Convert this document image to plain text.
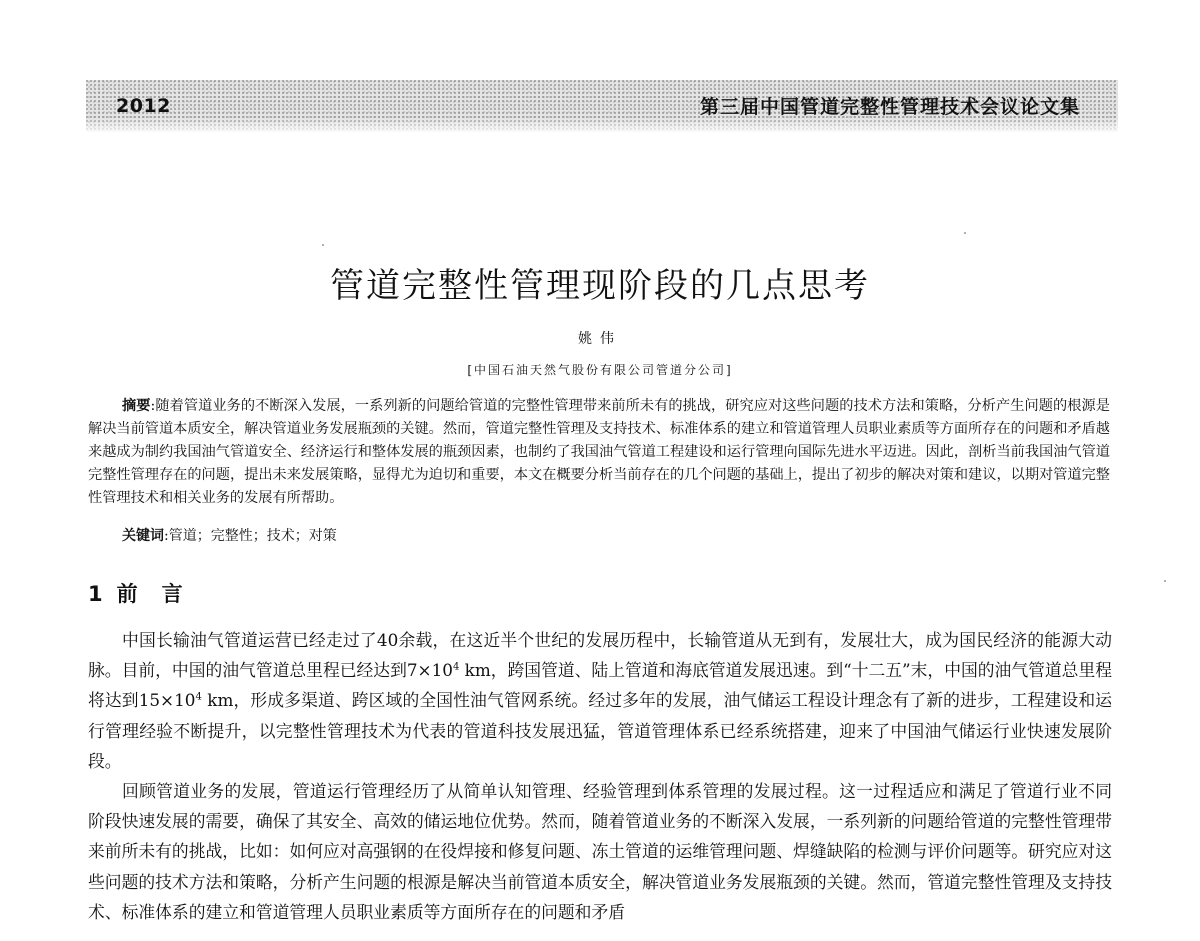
2012	第三届中国管道完整性管理技术会议论文集
管道完整性管理现阶段的几点思考
姚伟
[中国石油天然气股份有限公司管道分公司]

摘要:随着管道业务的不断深入发展，一系列新的问题给管道的完整性管理带来前所未有的挑战，研究应对这些问题的技术方法和策略，分析产生问题的根源是解决当前管道本质安全，解决管道业务发展瓶颈的关键。然而，管道完整性管理及支持技术、标准体系的建立和管道管理人员职业素质等方面所存在的问题和矛盾越来越成为制约我国油气管道安全、经济运行和整体发展的瓶颈因素，也制约了我国油气管道工程建设和运行管理向国际先进水平迈进。因此，剖析当前我国油气管道完整性管理存在的问题，提出未来发展策略，显得尤为迫切和重要，本文在概要分析当前存在的几个问题的基础上，提出了初步的解决对策和建议，以期对管道完整性管理技术和相关业务的发展有所帮助。

关键词:管道；完整性；技术；对策
1 前言

中国长输油气管道运营已经走过了40余载，在这近半个世纪的发展历程中，长输管道从无到有，发展壮大，成为国民经济的能源大动脉。目前，中国的油气管道总里程已经达到$7\times 10^4$ km，跨国管道、陆上管道和海底管道发展迅速。到“十二五”末，中国的油气管道总里程将达到$15\times 10^4$ km，形成多渠道、跨区域的全国性油气管网系统。经过多年的发展，油气储运工程设计理念有了新的进步，工程建设和运行管理经验不断提升，以完整性管理技术为代表的管道科技发展迅猛，管道管理体系已经系统搭建，迎来了中国油气储运行业快速发展阶段。

回顾管道业务的发展，管道运行管理经历了从简单认知管理、经验管理到体系管理的发展过程。这一过程适应和满足了管道行业不同阶段快速发展的需要，确保了其安全、高效的储运地位优势。然而，随着管道业务的不断深入发展，一系列新的问题给管道的完整性管理带来前所未有的挑战，比如：如何应对高强钢的在役焊接和修复问题、冻土管道的运维管理问题、焊缝缺陷的检测与评价问题等。研究应对这些问题的技术方法和策略，分析产生问题的根源是解决当前管道本质安全，解决管道业务发展瓶颈的关键。然而，管道完整性管理及支持技术、标准体系的建立和管道管理人员职业素质等方面所存在的问题和矛盾
